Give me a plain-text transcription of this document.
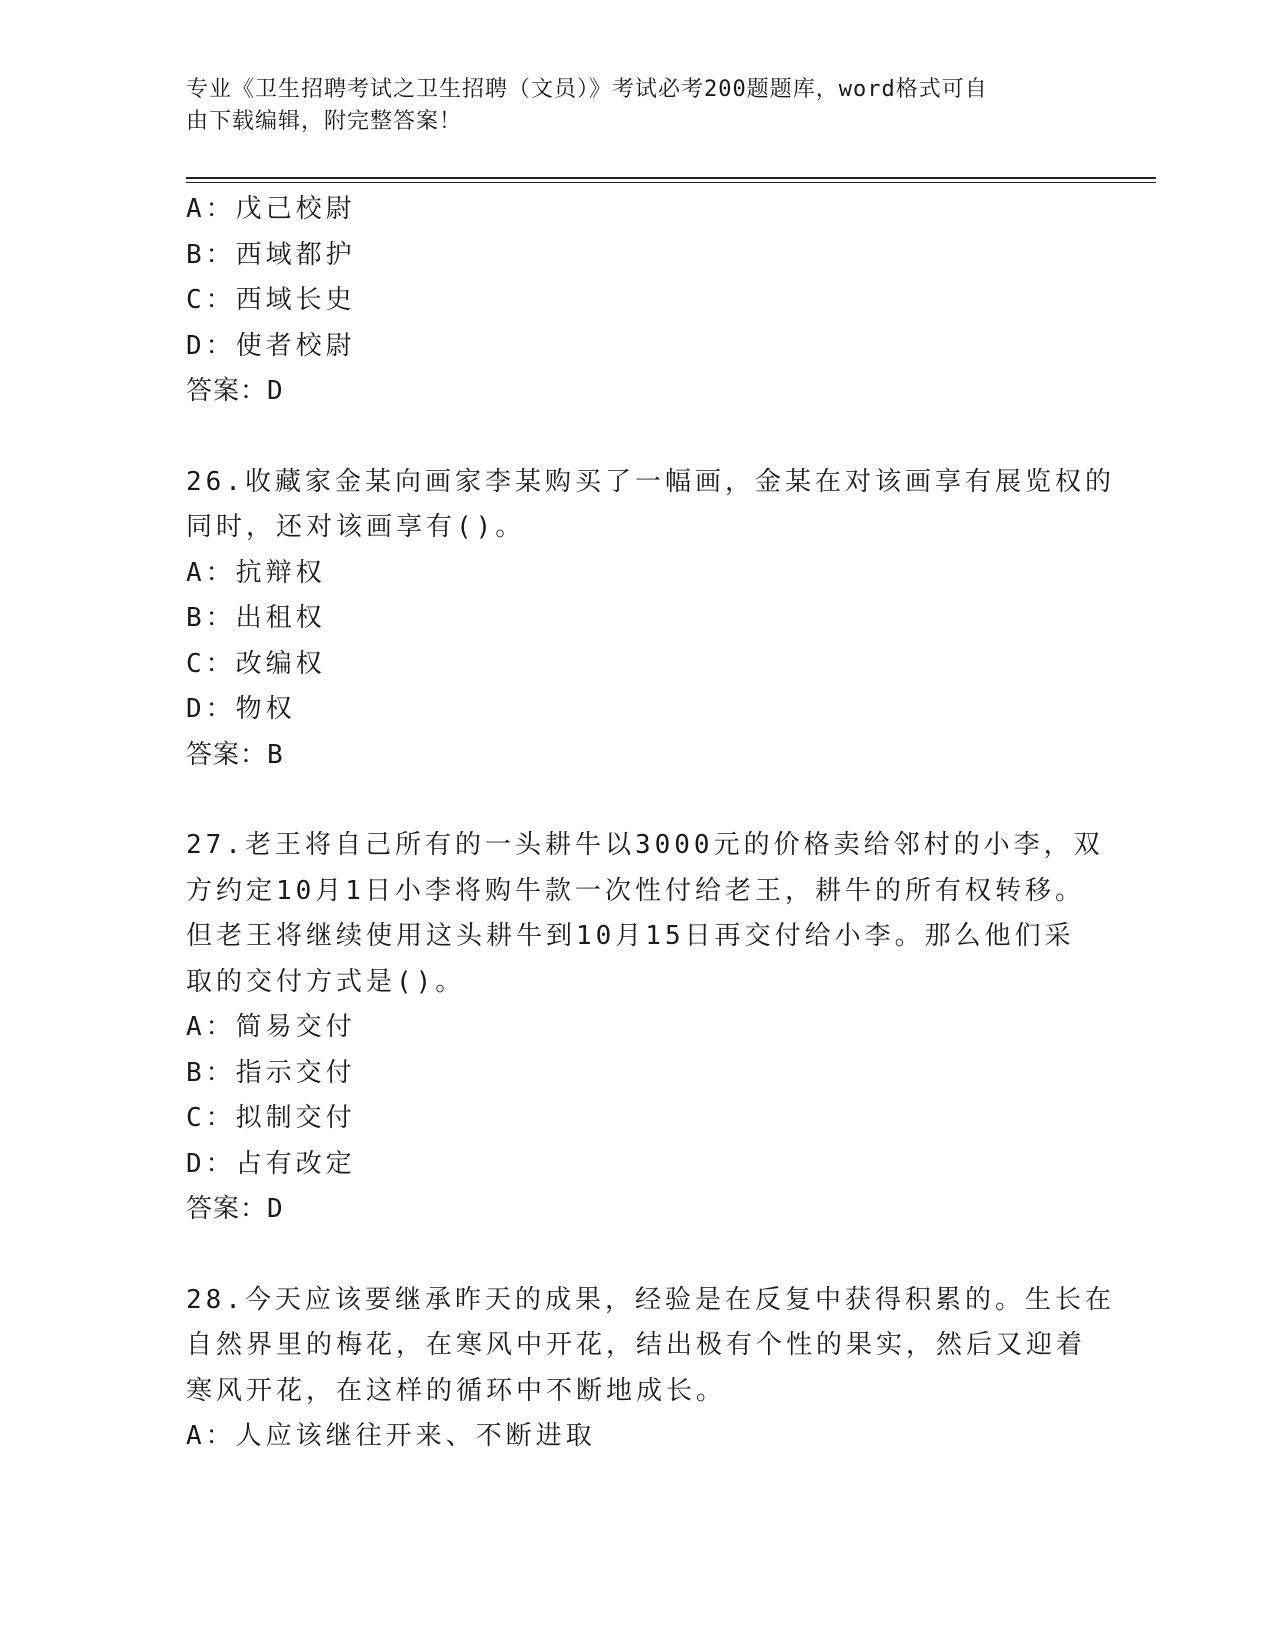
专业《卫生招聘考试之卫生招聘（文员）》考试必考200题题库，word格式可自
由下载编辑，附完整答案！
A：戊己校尉
B：西域都护
C：西域长史
D：使者校尉
答案：D
26.收藏家金某向画家李某购买了一幅画，金某在对该画享有展览权的
同时，还对该画享有()。
A：抗辩权
B：出租权
C：改编权
D：物权
答案：B
27.老王将自己所有的一头耕牛以3000元的价格卖给邻村的小李，双
方约定10月1日小李将购牛款一次性付给老王，耕牛的所有权转移。
但老王将继续使用这头耕牛到10月15日再交付给小李。那么他们采
取的交付方式是()。
A：简易交付
B：指示交付
C：拟制交付
D：占有改定
答案：D
28.今天应该要继承昨天的成果，经验是在反复中获得积累的。生长在
自然界里的梅花，在寒风中开花，结出极有个性的果实，然后又迎着
寒风开花，在这样的循环中不断地成长。
A：人应该继往开来、不断进取
